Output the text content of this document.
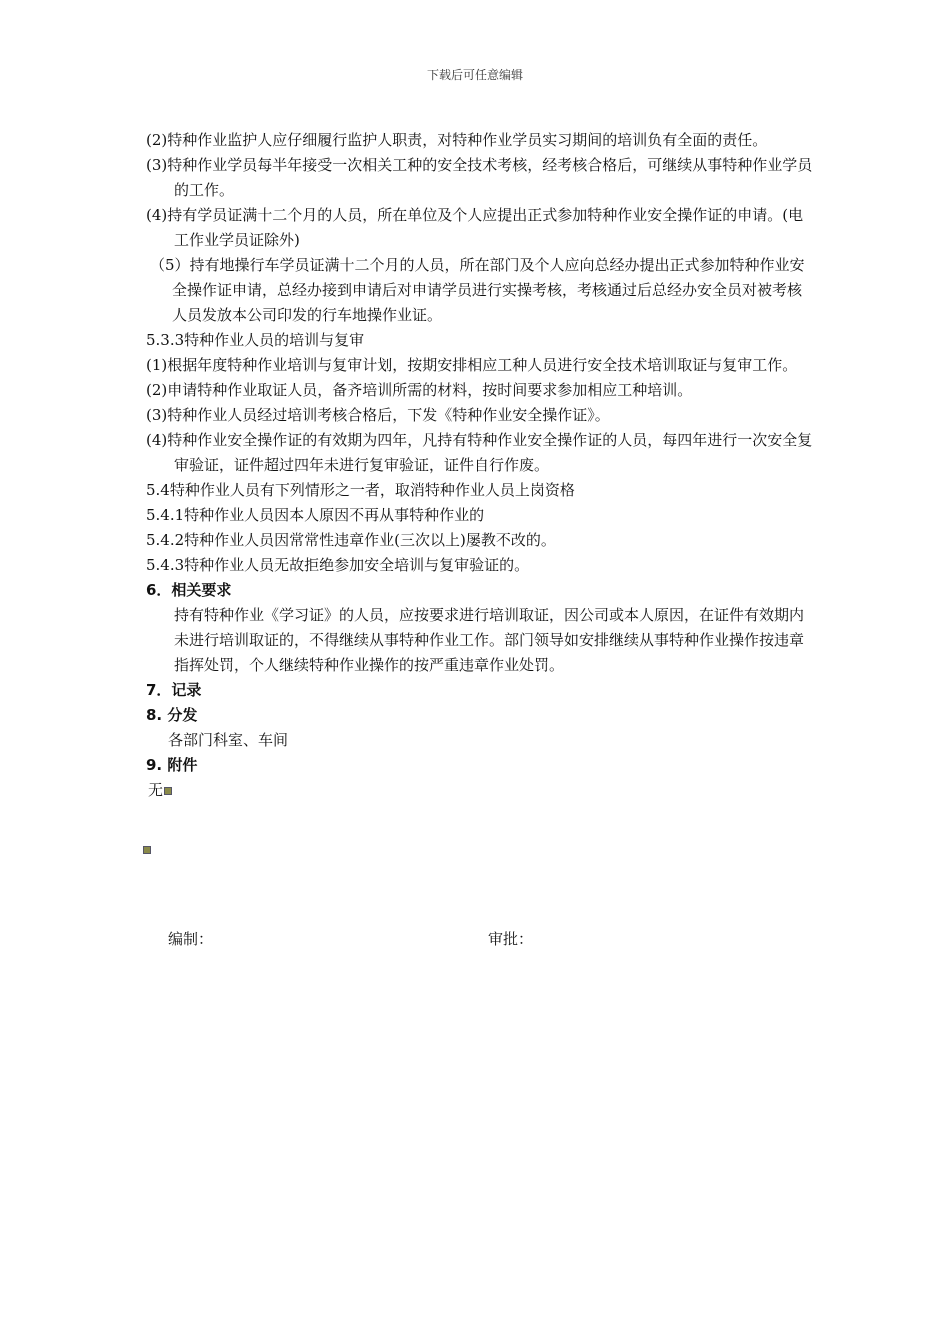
下载后可任意编辑
(2)特种作业监护人应仔细履行监护人职责，对特种作业学员实习期间的培训负有全面的责任。
(3)特种作业学员每半年接受一次相关工种的安全技术考核，经考核合格后，可继续从事特种作业学员的工作。
(4)持有学员证满十二个月的人员，所在单位及个人应提出正式参加特种作业安全操作证的申请。(电工作业学员证除外)
（5）持有地操行车学员证满十二个月的人员，所在部门及个人应向总经办提出正式参加特种作业安全操作证申请，总经办接到申请后对申请学员进行实操考核，考核通过后总经办安全员对被考核人员发放本公司印发的行车地操作业证。
5.3.3特种作业人员的培训与复审
(1)根据年度特种作业培训与复审计划，按期安排相应工种人员进行安全技术培训取证与复审工作。
(2)申请特种作业取证人员，备齐培训所需的材料，按时间要求参加相应工种培训。
(3)特种作业人员经过培训考核合格后，下发《特种作业安全操作证》。
(4)特种作业安全操作证的有效期为四年，凡持有特种作业安全操作证的人员，每四年进行一次安全复审验证，证件超过四年未进行复审验证，证件自行作废。
5.4特种作业人员有下列情形之一者，取消特种作业人员上岗资格
5.4.1特种作业人员因本人原因不再从事特种作业的
5.4.2特种作业人员因常常性违章作业(三次以上)屡教不改的。
5.4.3特种作业人员无故拒绝参加安全培训与复审验证的。
6．相关要求
持有特种作业《学习证》的人员，应按要求进行培训取证，因公司或本人原因，在证件有效期内未进行培训取证的，不得继续从事特种作业工作。部门领导如安排继续从事特种作业操作按违章指挥处罚，个人继续特种作业操作的按严重违章作业处罚。
7．记录
8. 分发
各部门科室、车间
9. 附件
无
编制：	审批：
